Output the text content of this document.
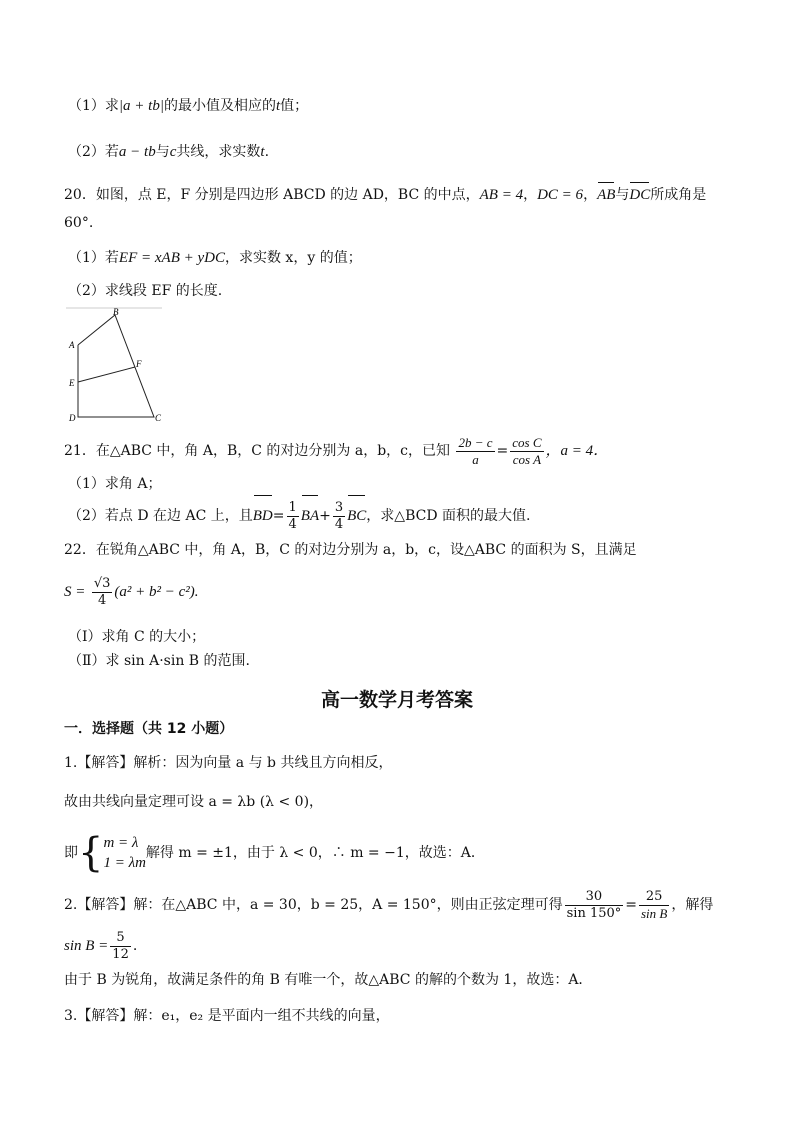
（1）求|a + tb|的最小值及相应的t值；
（2）若a − tb与c共线，求实数t.
20．如图，点 E，F 分别是四边形 ABCD 的边 AD，BC 的中点，AB = 4，DC = 6，AB与DC所成角是
60°.
（1）若EF = xAB + yDC，求实数 x，y 的值；
（2）求线段 EF 的长度.
A
B
E
F
D	C
21．在△ABC 中，角 A，B，C 的对边分别为 a，b，c，已知 $\frac{2b - c}{a} = \frac{\text{cos C}}{\text{cos A}}$ ，a = 4．
（1）求角 A；
（2）若点 D 在边 AC 上，且$BD= \frac{1}{4} BA+ \frac{3}{4}$ BC，求△BCD 面积的最大值.
22．在锐角△ABC 中，角 A，B，C 的对边分别为 a，b，c，设△ABC 的面积为 S，且满足
$S = \frac{√3}{4} (a^2 + b^2 - c^2)$.
（Ⅰ）求角 C 的大小；
（Ⅱ）求 sin A·sin B 的范围.
高一数学月考答案
一．选择题（共 12 小题）
1.【解答】解析：因为向量 a 与 b 共线且方向相反，
故由共线向量定理可设 a = λb (λ < 0)，
即{ m = λ
1 = λm
解得 m = ±1，由于 λ < 0，∴ m = −1，故选：A．
2.【解答】解：在△ABC 中，a = 30，b = 25，A = 150°，则由正弦定理可得 $\frac{30}{\sin 150^\circ} = \frac{25}{\text{sin B}}$ ，解得
$\sin B = \frac{5}{12}$ .
由于 B 为锐角，故满足条件的角 B 有唯一个，故△ABC 的解的个数为 1，故选：A．
3.【解答】解：e₁，e₂ 是平面内一组不共线的向量，
